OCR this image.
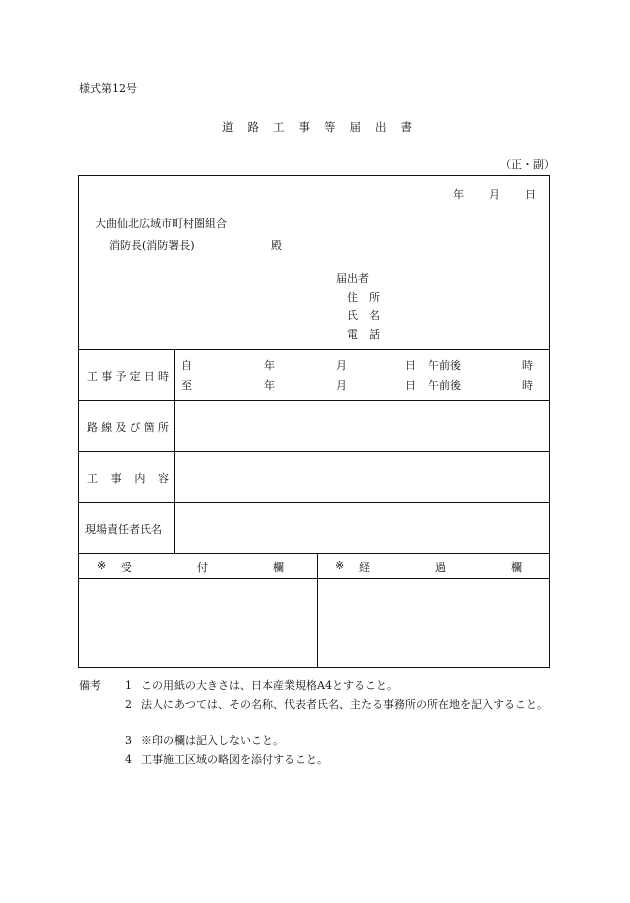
様式第12号
道 路 工 事 等 届 出 書
（正・副）
年 月 日
大曲仙北広域市町村圏組合
消防長(消防署長)	殿
届出者
住　所
氏　名
電　話
工 事 予 定 日 時
自	年	月	日 午前後	時
至	年	月	日 午前後	時
路 線 及 び 箇 所
工 事 内 容
現場責任者氏名
※ 受	付	欄	※ 経	過	欄
備考 1 この用紙の大きさは、日本産業規格A4とすること。
2 法人にあつては、その名称、代表者氏名、主たる事務所の所在地を記入すること。
3 ※印の欄は記入しないこと。
4 工事施工区域の略図を添付すること。
